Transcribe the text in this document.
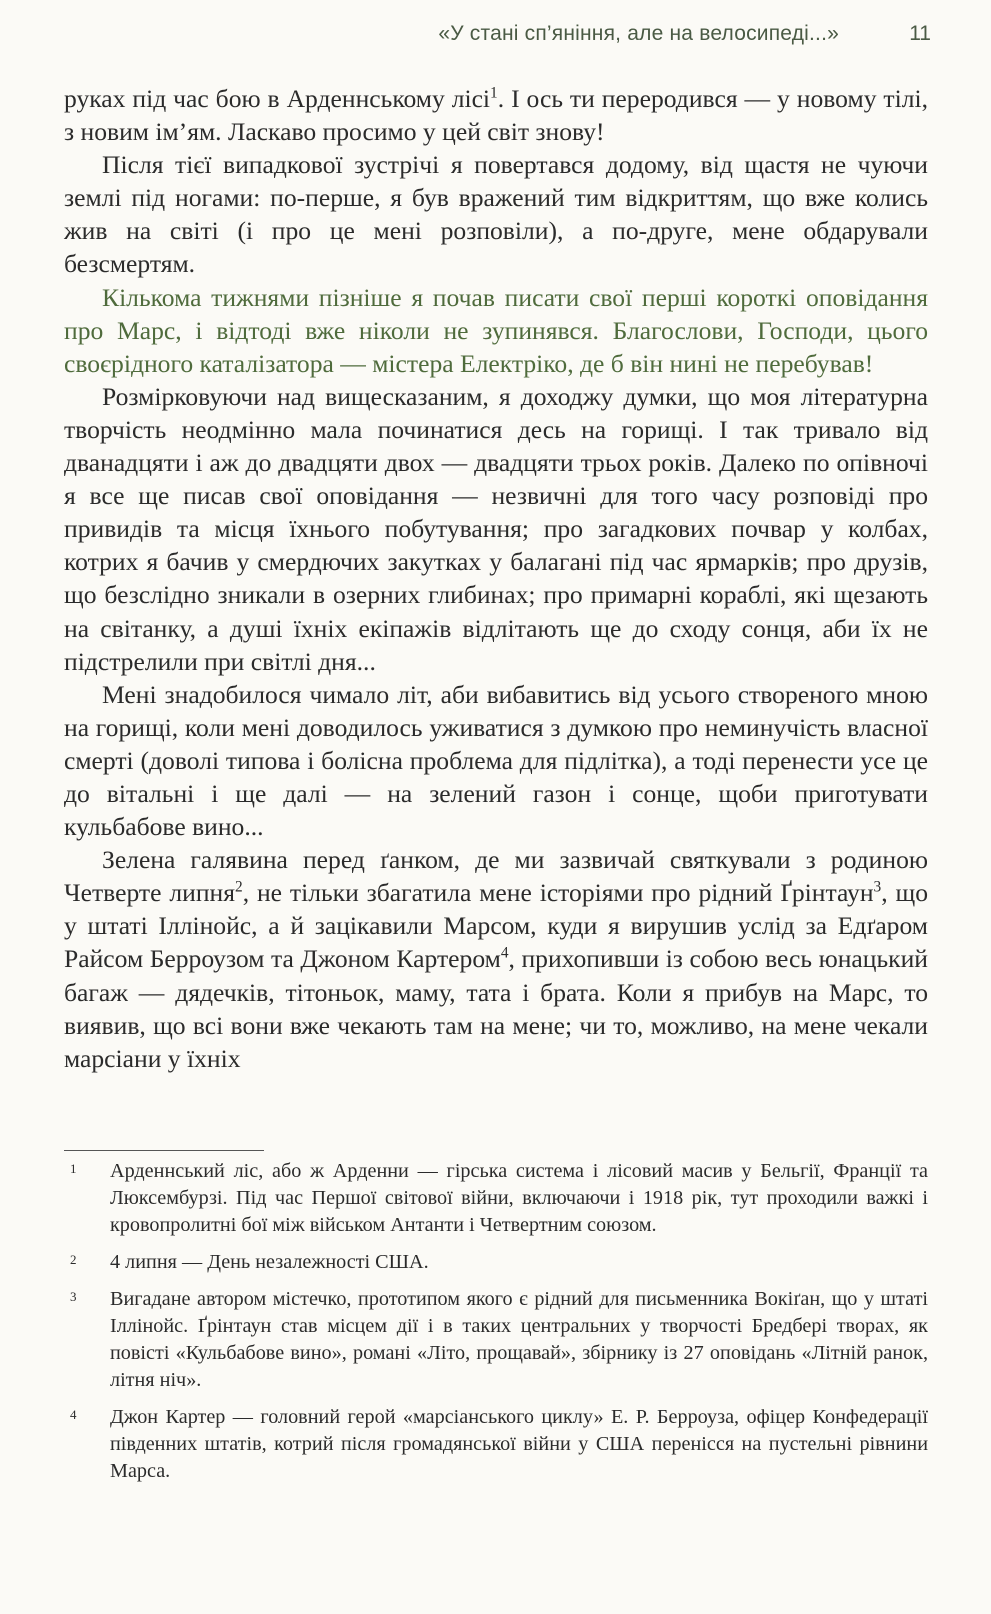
«У стані сп’яніння, але на велосипеді...»	11

руках під час бою в Арденнському лісі$^1$. І ось ти переродився — у новому тілі, з новим ім’ям. Ласкаво просимо у цей світ знову!

Після тієї випадкової зустрічі я повертався додому, від щастя не чуючи землі під ногами: по-перше, я був вражений тим відкриттям, що вже колись жив на світі (і про це мені розповіли), а по-друге, мене обдарували безсмертям.

Кількома тижнями пізніше я почав писати свої перші короткі оповідання про Марс, і відтоді вже ніколи не зупинявся. Благослови, Господи, цього своєрідного каталізатора — містера Електріко, де б він нині не перебував!

Розмірковуючи над вищесказаним, я доходжу думки, що моя літературна творчість неодмінно мала починатися десь на горищі. І так тривало від дванадцяти і аж до двадцяти двох — двадцяти трьох років. Далеко по опівночі я все ще писав свої оповідання — незвичні для того часу розповіді про привидів та місця їхнього побутування; про загадкових почвар у колбах, котрих я бачив у смердючих закутках у балагані під час ярмарків; про друзів, що безслідно зникали в озерних глибинах; про примарні кораблі, які щезають на світанку, а душі їхніх екіпажів відлітають ще до сходу сонця, аби їх не підстрелили при світлі дня...

Мені знадобилося чимало літ, аби вибавитись від усього створеного мною на горищі, коли мені доводилось уживатися з думкою про неминучість власної смерті (доволі типова і болісна проблема для підлітка), а тоді перенести усе це до вітальні і ще далі — на зелений газон і сонце, щоби приготувати кульбабове вино...

Зелена галявина перед ґанком, де ми зазвичай святкували з родиною Четверте липня$^2$, не тільки збагатила мене історіями про рідний Ґрінтаун$^3$, що у штаті Іллінойс, а й зацікавили Марсом, куди я вирушив услід за Едґаром Райсом Берроузом та Джоном Картером$^4$, прихопивши із собою весь юнацький багаж — дядечків, тітоньок, маму, тата і брата. Коли я прибув на Марс, то виявив, що всі вони вже чекають там на мене; чи то, можливо, на мене чекали марсіани у їхніх

1	Арденнський ліс, або ж Арденни — гірська система і лісовий масив у Бельгії, Франції та Люксембурзі. Під час Першої світової війни, включаючи і 1918 рік, тут проходили важкі і кровопролитні бої між військом Антанти і Четвертним союзом.
2	4 липня — День незалежності США.
3	Вигадане автором містечко, прототипом якого є рідний для письменника Вокіґан, що у штаті Іллінойс. Ґрінтаун став місцем дії і в таких центральних у творчості Бредбері творах, як повісті «Кульбабове вино», романі «Літо, прощавай», збірнику із 27 оповідань «Літній ранок, літня ніч».
4	Джон Картер — головний герой «марсіанського циклу» Е. Р. Берроуза, офіцер Конфедерації південних штатів, котрий після громадянської війни у США перенісся на пустельні рівнини Марса.
